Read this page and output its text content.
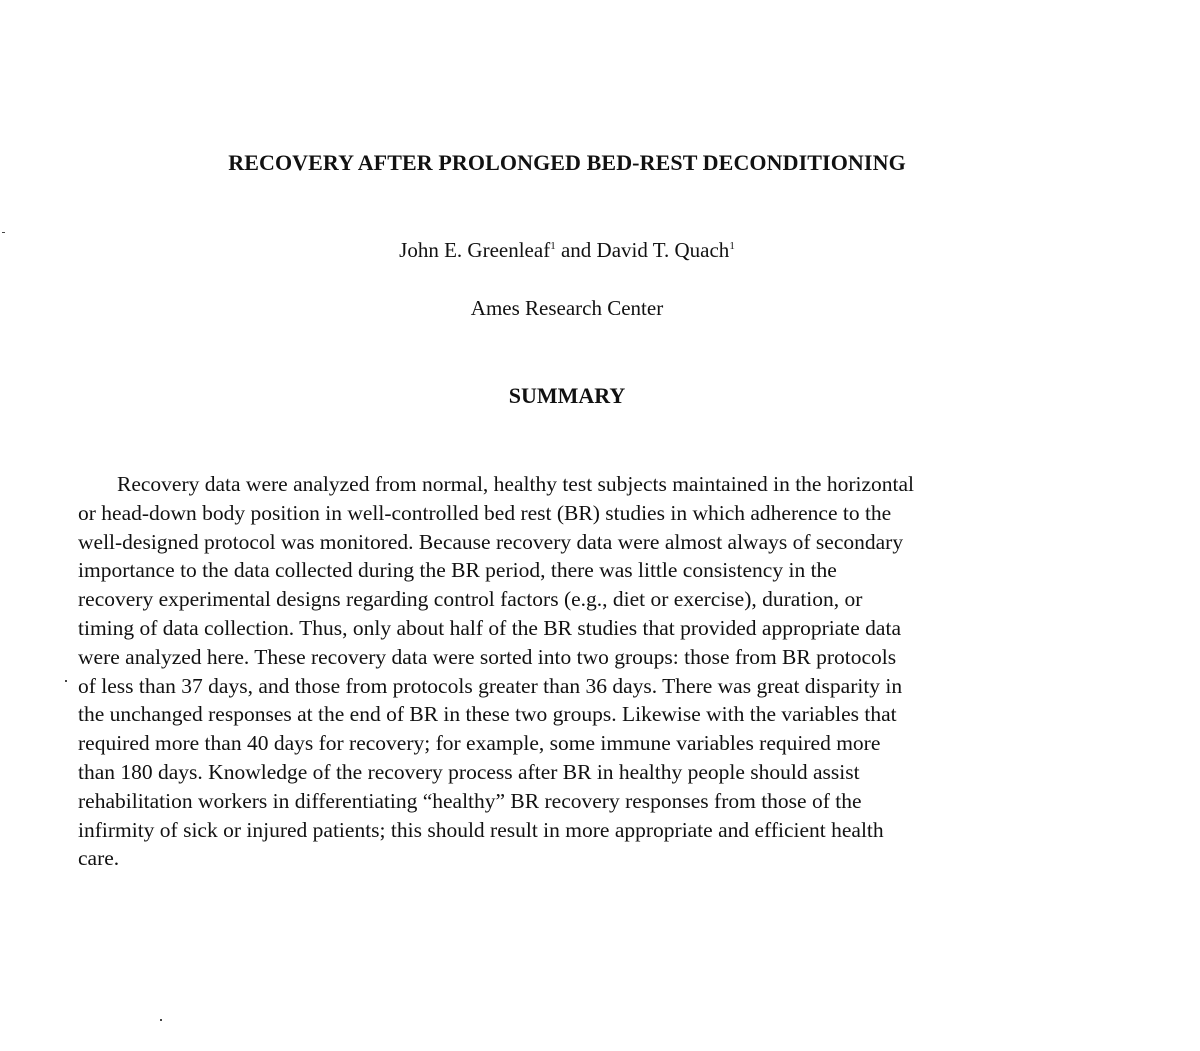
RECOVERY AFTER PROLONGED BED-REST DECONDITIONING

John E. Greenleaf$^1$ and David T. Quach$^1$

Ames Research Center

SUMMARY

Recovery data were analyzed from normal, healthy test subjects maintained in the horizontal
or head-down body position in well-controlled bed rest (BR) studies in which adherence to the
well-designed protocol was monitored. Because recovery data were almost always of secondary
importance to the data collected during the BR period, there was little consistency in the
recovery experimental designs regarding control factors (e.g., diet or exercise), duration, or
timing of data collection. Thus, only about half of the BR studies that provided appropriate data
were analyzed here. These recovery data were sorted into two groups: those from BR protocols
of less than 37 days, and those from protocols greater than 36 days. There was great disparity in
the unchanged responses at the end of BR in these two groups. Likewise with the variables that
required more than 40 days for recovery; for example, some immune variables required more
than 180 days. Knowledge of the recovery process after BR in healthy people should assist
rehabilitation workers in differentiating “healthy” BR recovery responses from those of the
infirmity of sick or injured patients; this should result in more appropriate and efficient health
care.
